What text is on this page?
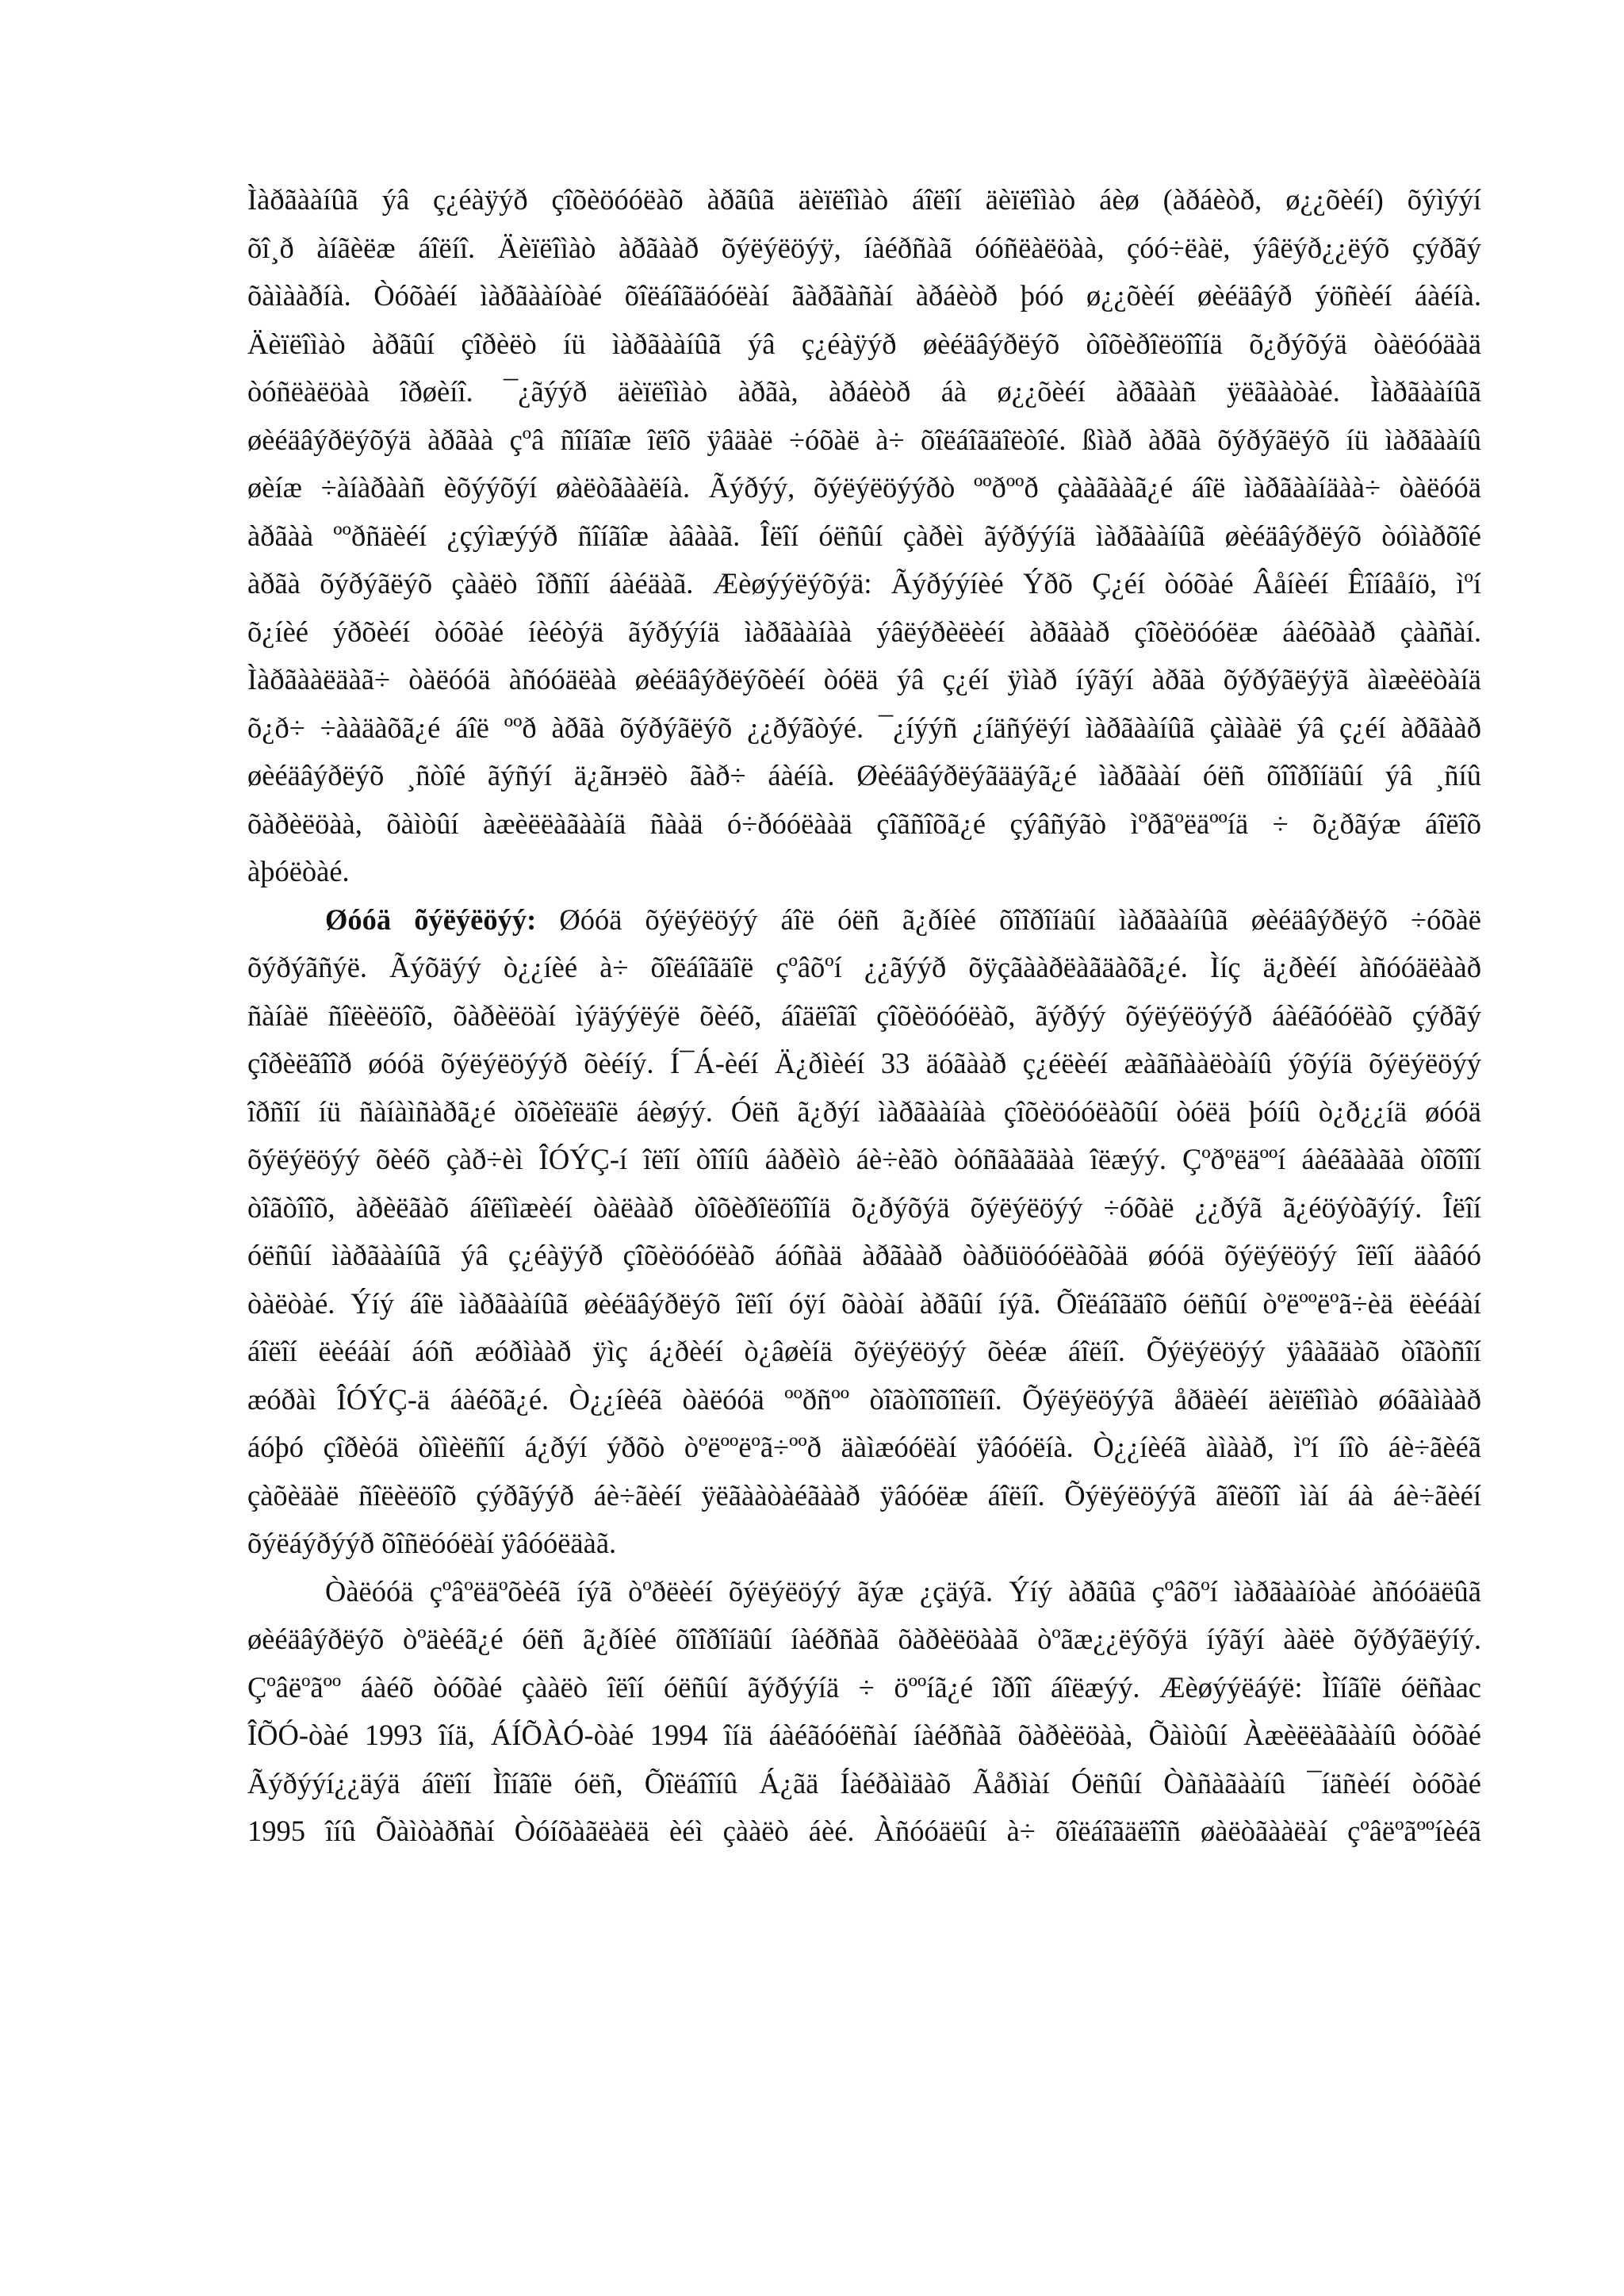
Ìàðãààíûã ýâ ç¿éàÿýð çîõèöóóëàõ àðãûã äèïëîìàò áîëîí äèïëîìàò áèø (àðáèòð, ø¿¿õèéí) õýìýýí
õî¸ð àíãèëæ áîëíî. Äèïëîìàò àðãààð õýëýëöýÿ, íàéðñàã óóñëàëöàà, çóó÷ëàë, ýâëýð¿¿ëýõ çýðãý
õàìààðíà. Òóõàéí ìàðãààíòàé õîëáîãäóóëàí ãàðãàñàí àðáèòð þóó ø¿¿õèéí øèéäâýð ýöñèéí áàéíà.
Äèïëîìàò àðãûí çîðèëò íü ìàðãààíûã ýâ ç¿éàÿýð øèéäâýðëýõ òîõèðîëöîîíä õ¿ðýõýä òàëóóäàä
òóñëàëöàà îðøèíî. ¯¿ãýýð äèïëîìàò àðãà, àðáèòð áà ø¿¿õèéí àðãààñ ÿëãààòàé. Ìàðãààíûã
øèéäâýðëýõýä àðãàà çºâ ñîíãîæ îëîõ ÿâäàë ÷óõàë à÷ õîëáîãäîëòîé. ßìàð àðãà õýðýãëýõ íü ìàðãààíû
øèíæ ÷àíàðààñ èõýýõýí øàëòãààëíà. Ãýðýý, õýëýëöýýðò ººðººð çààãààã¿é áîë ìàðãààíäàà÷ òàëóóä
àðãàà ººðñäèéí ¿çýìæýýð ñîíãîæ àâààã. Îëîí óëñûí çàðèì ãýðýýíä ìàðãààíûã øèéäâýðëýõ òóìàðõîé
àðãà õýðýãëýõ çààëò îðñîí áàéäàã. Æèøýýëýõýä: Ãýðýýíèé Ýðõ Ç¿éí òóõàé Âåíèéí Êîíâåíö, ìºí
õ¿íèé ýðõèéí òóõàé íèéòýä ãýðýýíä ìàðãààíàà ýâëýðèëèéí àðãààð çîõèöóóëæ áàéõààð çààñàí.
Ìàðãààëäàã÷ òàëóóä àñóóäëàà øèéäâýðëýõèéí òóëä ýâ ç¿éí ÿìàð íýãýí àðãà õýðýãëýÿã àìæèëòàíä
õ¿ð÷ ÷ààäàõã¿é áîë ººð àðãà õýðýãëýõ ¿¿ðýãòýé. ¯¿íýýñ ¿íäñýëýí ìàðãààíûã çàìààë ýâ ç¿éí àðãààð
øèéäâýðëýõ ¸ñòîé ãýñýí ä¿ãнэëò ãàð÷ áàéíà. Øèéäâýðëýãääýã¿é ìàðãààí óëñ õîîðîíäûí ýâ ¸ñíû
õàðèëöàà, õàìòûí àæèëëàãààíä ñààä ó÷ðóóëààä çîãñîõã¿é çýâñýãò ìºðãºëäººíä ÷ õ¿ðãýæ áîëîõ
àþóëòàé.
Øóóä õýëýëöýý: Øóóä õýëýëöýý áîë óëñ ã¿ðíèé õîîðîíäûí ìàðãààíûã øèéäâýðëýõ ÷óõàë
õýðýãñýë. Ãýõäýý ò¿¿íèé à÷ õîëáîãäîë çºâõºí ¿¿ãýýð õÿçãààðëàãäàõã¿é. Ìíç ä¿ðèéí àñóóäëààð
ñàíàë ñîëèëöîõ, õàðèëöàí ìýäýýëýë õèéõ, áîäëîãî çîõèöóóëàõ, ãýðýý õýëýëöýýð áàéãóóëàõ çýðãý
çîðèëãîîð øóóä õýëýëöýýð õèéíý. Í¯Á-èéí Ä¿ðìèéí 33 äóãààð ç¿éëèéí æàãñààëòàíû ýõýíä õýëýëöýý
îðñîí íü ñàíàìñàðã¿é òîõèîëäîë áèøýý. Óëñ ã¿ðýí ìàðãààíàà çîõèöóóëàõûí òóëä þóíû ò¿ð¿¿íä øóóä
õýëýëöýý õèéõ çàð÷èì ÎÓÝÇ-í îëîí òîîíû áàðèìò áè÷èãò òóñãàãäàà îëæýý. Çºðºëäººí áàéãààãà òîõîîí
òîãòîîõ, àðèëãàõ áîëîìæèéí òàëààð òîõèðîëöîîíä õ¿ðýõýä õýëýëöýý ÷óõàë ¿¿ðýã ã¿éöýòãýíý. Îëîí
óëñûí ìàðãààíûã ýâ ç¿éàÿýð çîõèöóóëàõ áóñàä àðãààð òàðüöóóëàõàä øóóä õýëýëöýý îëîí äàâóó
òàëòàé. Ýíý áîë ìàðãààíûã øèéäâýðëýõ îëîí óÿí õàòàí àðãûí íýã. Õîëáîãäîõ óëñûí òºëººëºã÷èä ëèéáàí
áîëîí ëèéáàí áóñ æóðìààð ÿìç á¿ðèéí ò¿âøèíä õýëýëöýý õèéæ áîëíî. Õýëýëöýý ÿâàãäàõ òîãòñîí
æóðàì ÎÓÝÇ-ä áàéõã¿é. Ò¿¿íèéã òàëóóä ººðñºº òîãòîîõîîëíî. Õýëýëöýýã åðäèéí äèïëîìàò øóãàìààð
áóþó çîðèóä òîìèëñîí á¿ðýí ýðõò òºëººëºã÷ººð äàìæóóëàí ÿâóóëíà. Ò¿¿íèéã àìààð, ìºí íîò áè÷ãèéã
çàõèäàë ñîëèëöîõ çýðãýýð áè÷ãèéí ÿëãààòàéãààð ÿâóóëæ áîëíî. Õýëýëöýýã ãîëõîî ìàí áà áè÷ãèéí
õýëáýðýýð õîñëóóëàí ÿâóóëäàã.
Òàëóóä çºâºëäºõèéã íýã òºðëèéí õýëýëöýý ãýæ ¿çäýã. Ýíý àðãûã çºâõºí ìàðãààíòàé àñóóäëûã
øèéäâýðëýõ òºäèéã¿é óëñ ã¿ðíèé õîîðîíäûí íàéðñàã õàðèëöààã òºãæ¿¿ëýõýä íýãýí ààëè õýðýãëýíý.
Çºâëºãºº áàéõ òóõàé çààëò îëîí óëñûí ãýðýýíä ÷ öººíã¿é îðîî áîëæýý. Æèøýýëáýë: Ìîíãîë óëñàас
ÎÕÓ-òàé 1993 îíä, ÁÍÕÀÓ-òàé 1994 îíä áàéãóóëñàí íàéðñàã õàðèëöàà, Õàìòûí Àæèëëàãààíû òóõàé
Ãýðýýí¿¿äýä áîëîí Ìîíãîë óëñ, Õîëáîîíû Á¿ãä Íàéðàìäàõ Ãåðìàí Óëñûí Òàñàãààíû ¯íäñèéí òóõàé
1995 îíû Õàìòàðñàí Òóíõàãëàëä èéì çààëò áèé. Àñóóäëûí à÷ õîëáîãäëîîñ øàëòãààëàí çºâëºãººíèéã
